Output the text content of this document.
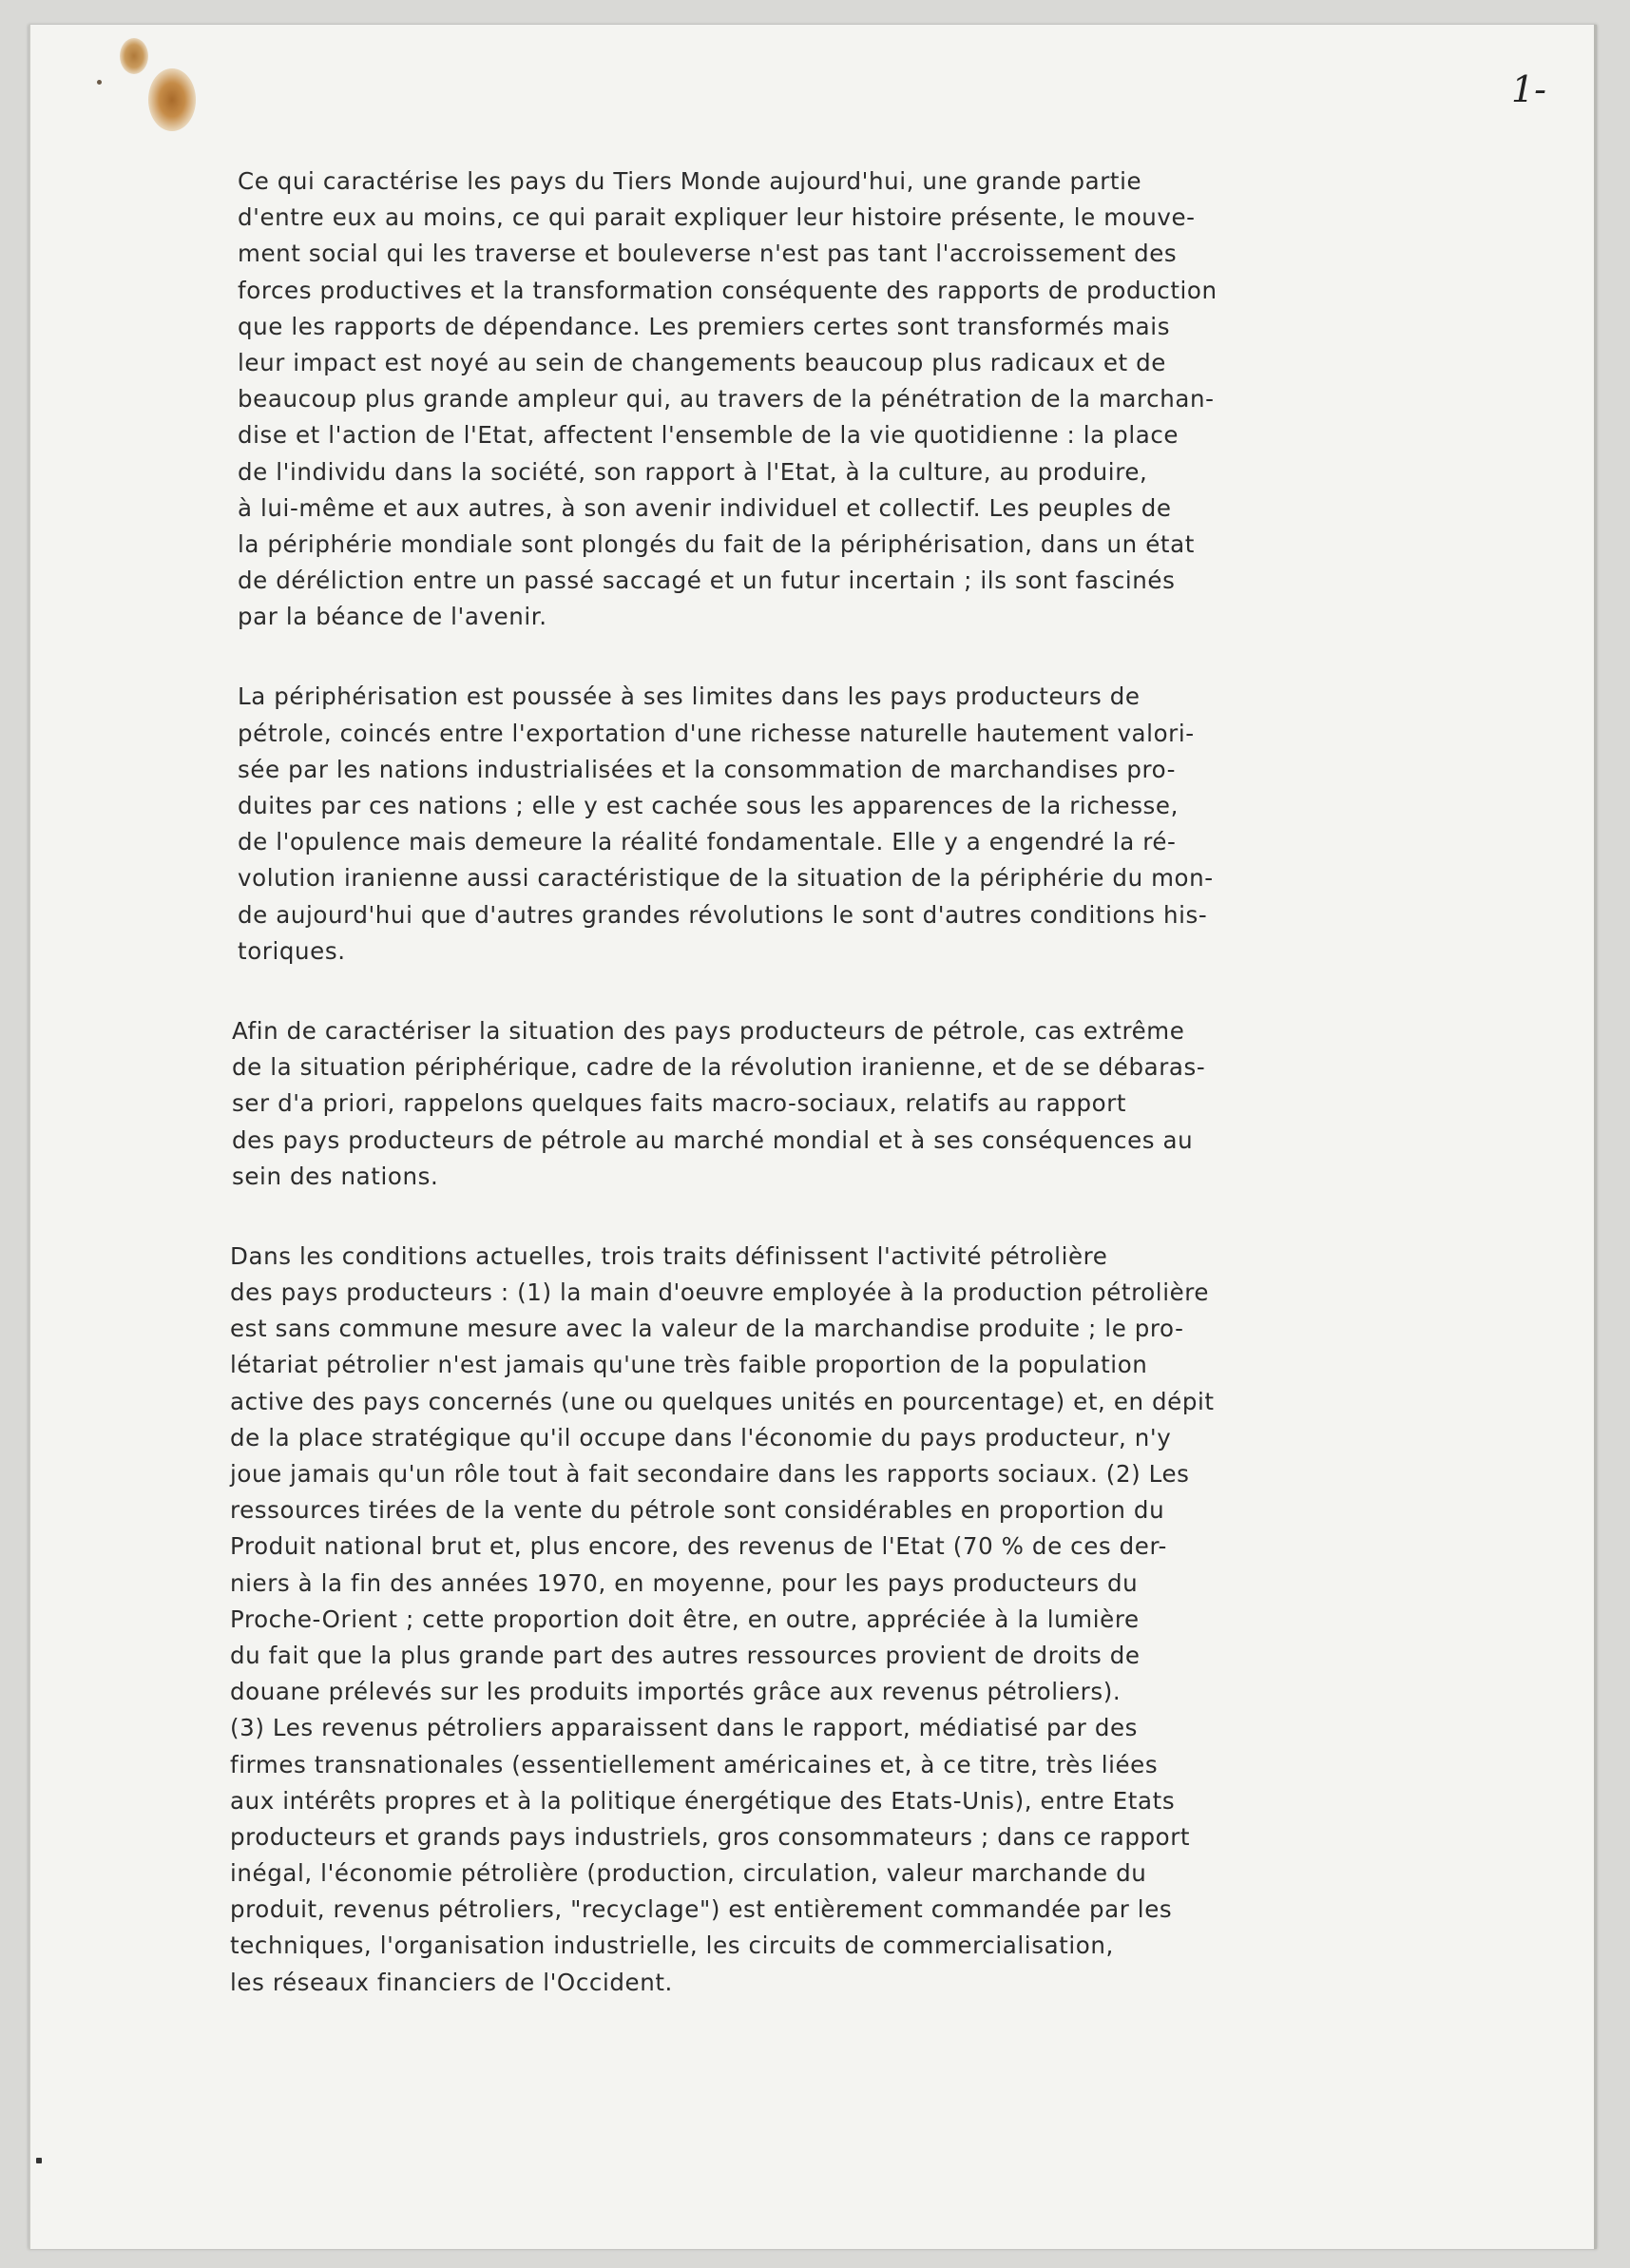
1-
Ce qui caractérise les pays du Tiers Monde aujourd'hui, une grande partie
d'entre eux au moins, ce qui parait expliquer leur histoire présente, le mouve-
ment social qui les traverse et bouleverse n'est pas tant l'accroissement des
forces productives et la transformation conséquente des rapports de production
que les rapports de dépendance. Les premiers certes sont transformés mais
leur impact est noyé au sein de changements beaucoup plus radicaux et de
beaucoup plus grande ampleur qui, au travers de la pénétration de la marchan-
dise et l'action de l'Etat, affectent l'ensemble de la vie quotidienne : la place
de l'individu dans la société, son rapport à l'Etat, à la culture, au produire,
à lui-même et aux autres, à son avenir individuel et collectif. Les peuples de
la périphérie mondiale sont plongés du fait de la périphérisation, dans un état
de déréliction entre un passé saccagé et un futur incertain ; ils sont fascinés
par la béance de l'avenir.
La périphérisation est poussée à ses limites dans les pays producteurs de
pétrole, coincés entre l'exportation d'une richesse naturelle hautement valori-
sée par les nations industrialisées et la consommation de marchandises pro-
duites par ces nations ; elle y est cachée sous les apparences de la richesse,
de l'opulence mais demeure la réalité fondamentale. Elle y a engendré la ré-
volution iranienne aussi caractéristique de la situation de la périphérie du mon-
de aujourd'hui que d'autres grandes révolutions le sont d'autres conditions his-
toriques.
Afin de caractériser la situation des pays producteurs de pétrole, cas extrême
de la situation périphérique, cadre de la révolution iranienne, et de se débaras-
ser d'a priori, rappelons quelques faits macro-sociaux, relatifs au rapport
des pays producteurs de pétrole au marché mondial et à ses conséquences au
sein des nations.
Dans les conditions actuelles, trois traits définissent l'activité pétrolière
des pays producteurs : (1) la main d'oeuvre employée à la production pétrolière
est sans commune mesure avec la valeur de la marchandise produite ; le pro-
létariat pétrolier n'est jamais qu'une très faible proportion de la population
active des pays concernés (une ou quelques unités en pourcentage) et, en dépit
de la place stratégique qu'il occupe dans l'économie du pays producteur, n'y
joue jamais qu'un rôle tout à fait secondaire dans les rapports sociaux. (2) Les
ressources tirées de la vente du pétrole sont considérables en proportion du
Produit national brut et, plus encore, des revenus de l'Etat (70 % de ces der-
niers à la fin des années 1970, en moyenne, pour les pays producteurs du
Proche-Orient ; cette proportion doit être, en outre, appréciée à la lumière
du fait que la plus grande part des autres ressources provient de droits de
douane prélevés sur les produits importés grâce aux revenus pétroliers).
(3) Les revenus pétroliers apparaissent dans le rapport, médiatisé par des
firmes transnationales (essentiellement américaines et, à ce titre, très liées
aux intérêts propres et à la politique énergétique des Etats-Unis), entre Etats
producteurs et grands pays industriels, gros consommateurs ; dans ce rapport
inégal, l'économie pétrolière (production, circulation, valeur marchande du
produit, revenus pétroliers, "recyclage") est entièrement commandée par les
techniques, l'organisation industrielle, les circuits de commercialisation,
les réseaux financiers de l'Occident.
